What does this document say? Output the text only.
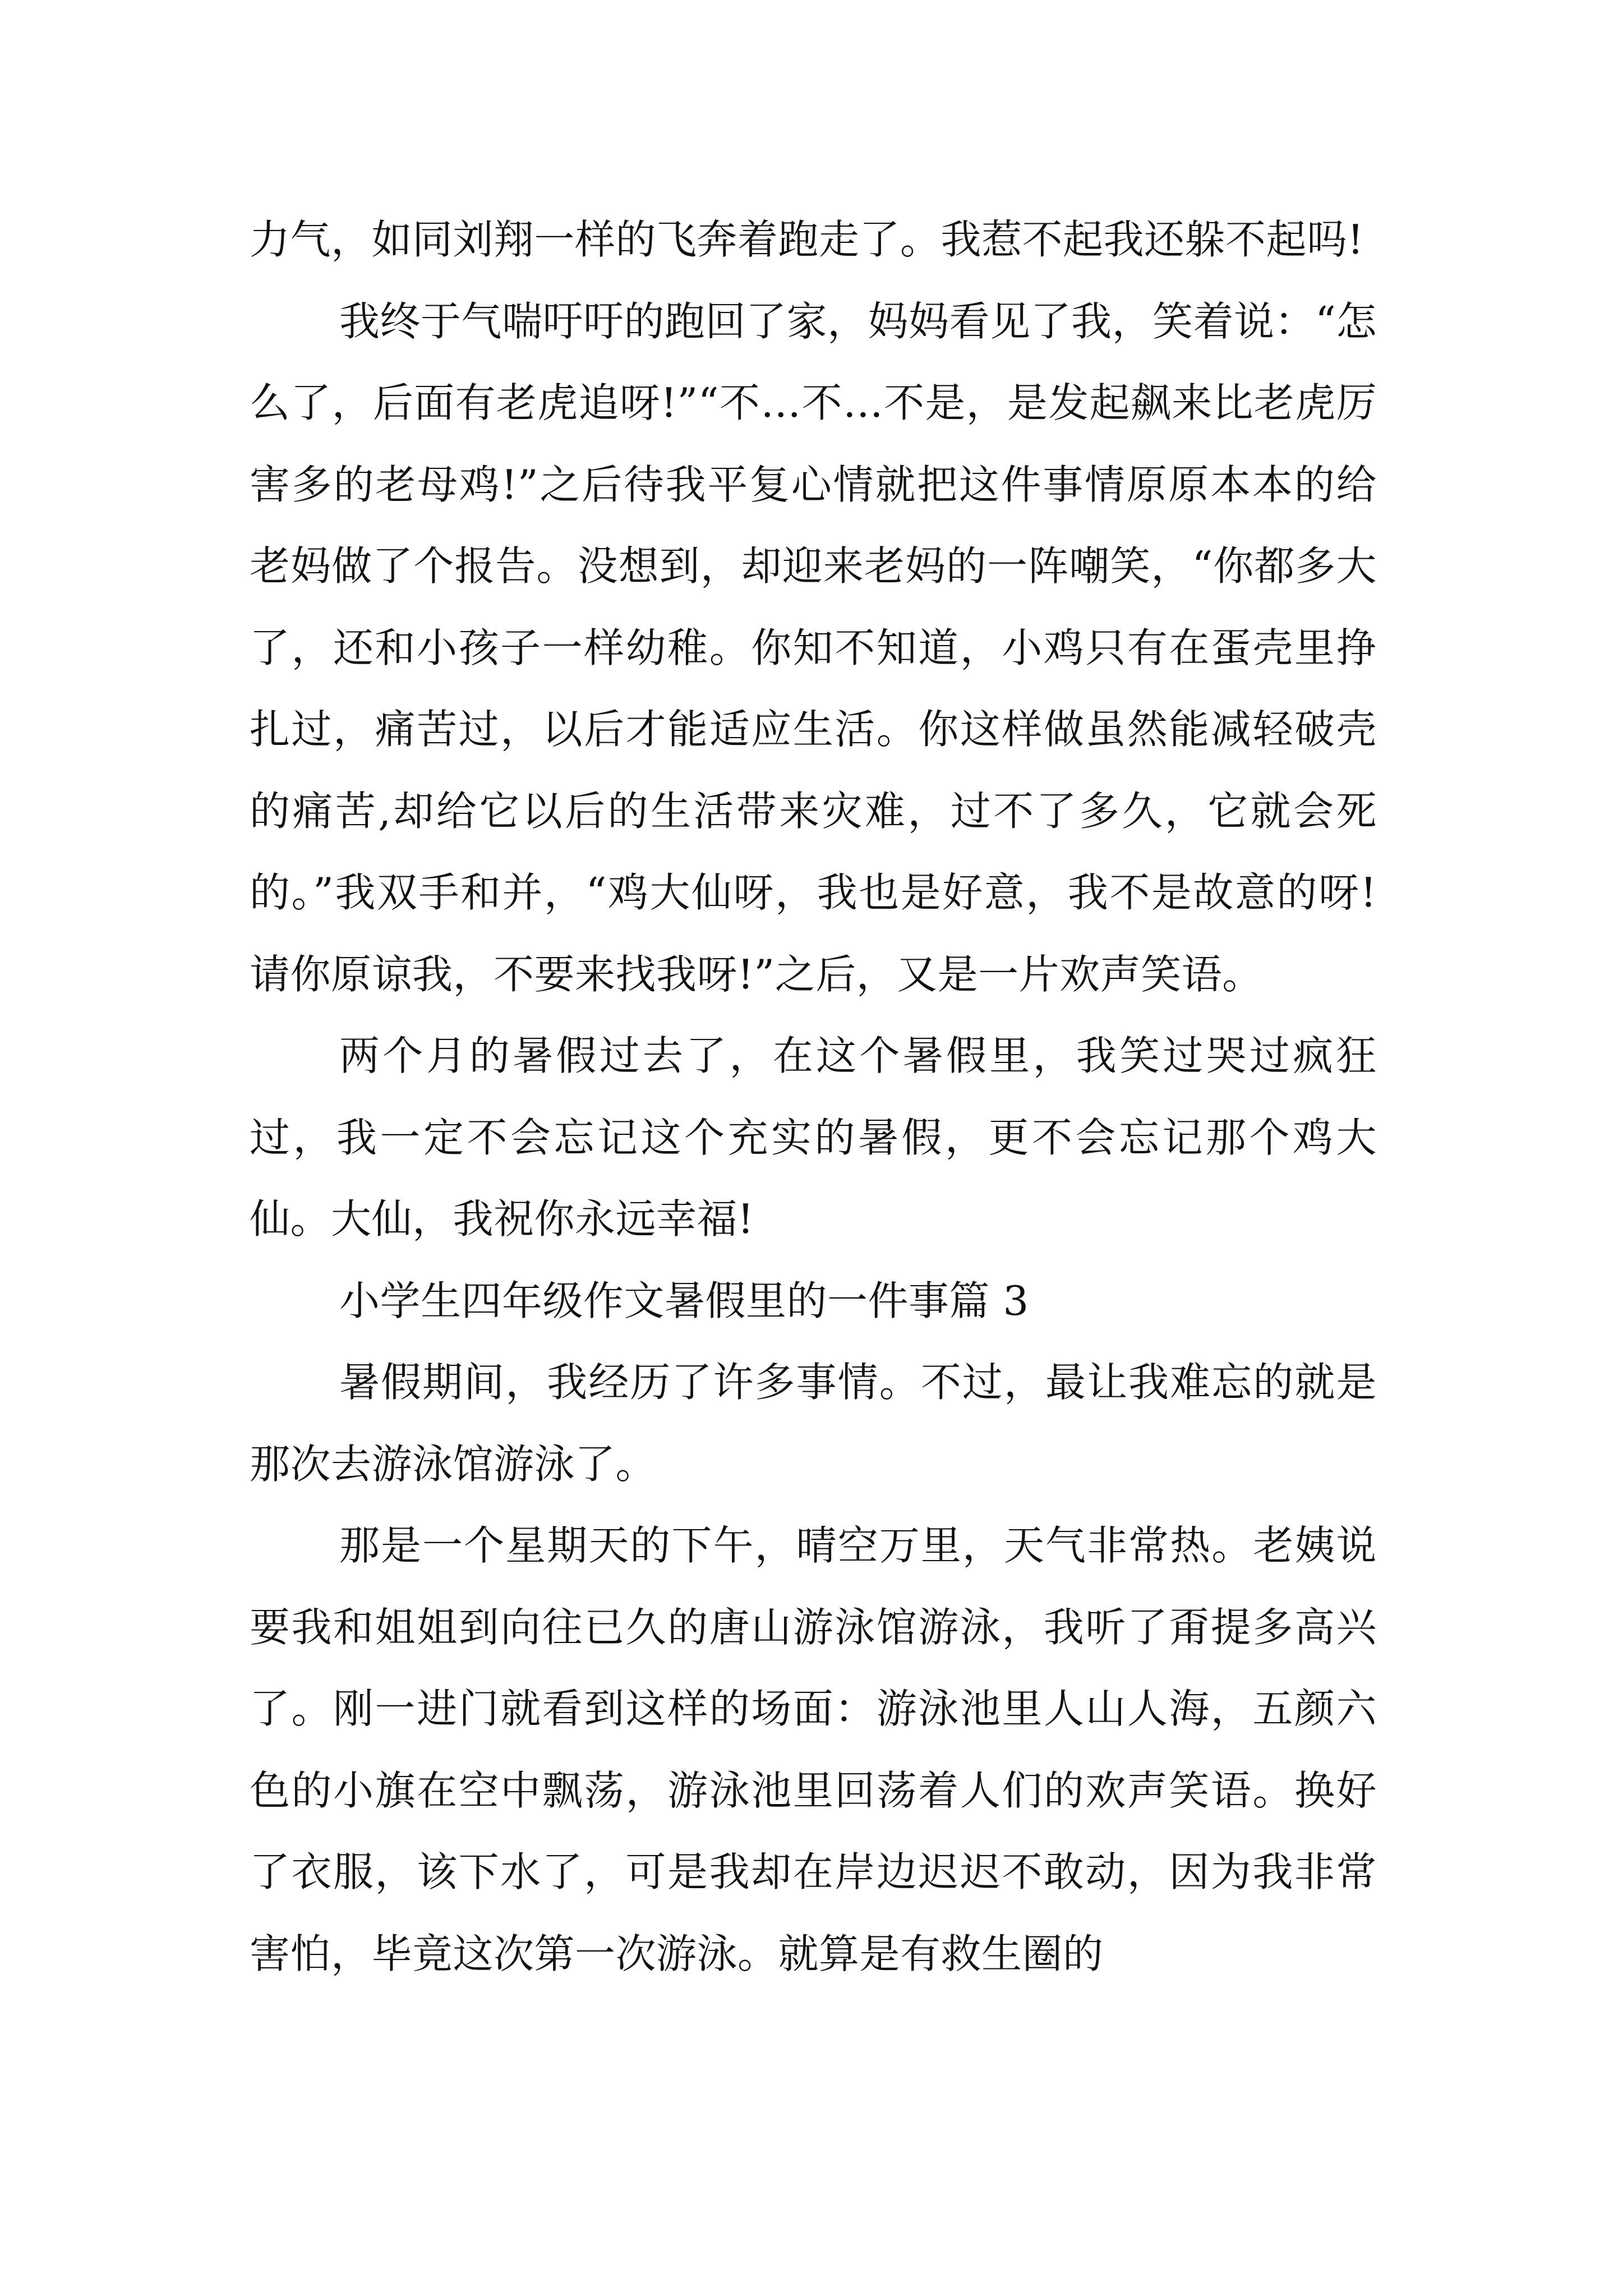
力气，如同刘翔一样的飞奔着跑走了。我惹不起我还躲不起吗!

我终于气喘吁吁的跑回了家，妈妈看见了我，笑着说：“怎么了，后面有老虎追呀!”“不…不…不是，是发起飙来比老虎厉害多的老母鸡!”之后待我平复心情就把这件事情原原本本的给老妈做了个报告。没想到，却迎来老妈的一阵嘲笑，“你都多大了，还和小孩子一样幼稚。你知不知道，小鸡只有在蛋壳里挣扎过，痛苦过，以后才能适应生活。你这样做虽然能减轻破壳的痛苦,却给它以后的生活带来灾难，过不了多久，它就会死的。”我双手和并，“鸡大仙呀，我也是好意，我不是故意的呀!请你原谅我，不要来找我呀!”之后，又是一片欢声笑语。

两个月的暑假过去了，在这个暑假里，我笑过哭过疯狂过，我一定不会忘记这个充实的暑假，更不会忘记那个鸡大仙。大仙，我祝你永远幸福!

小学生四年级作文暑假里的一件事篇 3

暑假期间，我经历了许多事情。不过，最让我难忘的就是那次去游泳馆游泳了。

那是一个星期天的下午，晴空万里，天气非常热。老姨说要我和姐姐到向往已久的唐山游泳馆游泳，我听了甭提多高兴了。刚一进门就看到这样的场面：游泳池里人山人海，五颜六色的小旗在空中飘荡，游泳池里回荡着人们的欢声笑语。换好了衣服，该下水了，可是我却在岸边迟迟不敢动，因为我非常害怕，毕竟这次第一次游泳。就算是有救生圈的
